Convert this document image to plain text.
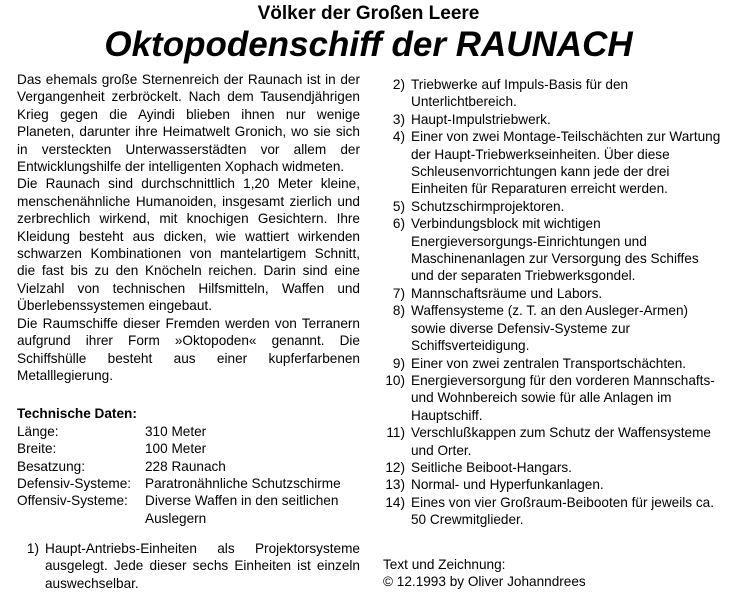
Völker der Großen Leere
Oktopodenschiff der RAUNACH

Das ehemals große Sternenreich der Raunach ist in der Vergangenheit zerbröckelt. Nach dem Tausendjährigen Krieg gegen die Ayindi blieben ihnen nur wenige Planeten, darunter ihre Heimatwelt Gronich, wo sie sich in versteckten Unterwasserstädten vor allem der Entwicklungshilfe der intelligenten Xophach widmeten.

Die Raunach sind durchschnittlich 1,20 Meter kleine, menschenähnliche Humanoiden, insgesamt zierlich und zerbrechlich wirkend, mit knochigen Gesichtern. Ihre Kleidung besteht aus dicken, wie wattiert wirkenden schwarzen Kombinationen von mantelartigem Schnitt, die fast bis zu den Knöcheln reichen. Darin sind eine Vielzahl von technischen Hilfsmitteln, Waffen und Überlebenssystemen eingebaut.

Die Raumschiffe dieser Fremden werden von Terranern aufgrund ihrer Form »Oktopoden« genannt. Die Schiffshülle besteht aus einer kupferfarbenen Metalllegierung.

Technische Daten:
Länge:	310 Meter
Breite:	100 Meter
Besatzung:	228 Raunach
Defensiv-Systeme:	Paratronähnliche Schutzschirme
Offensiv-Systeme:	Diverse Waffen in den seitlichen Auslegern
1) Haupt-Antriebs-Einheiten als Projektorsysteme ausgelegt. Jede dieser sechs Einheiten ist einzeln auswechselbar.
2) Triebwerke auf Impuls-Basis für den Unterlichtbereich.
3) Haupt-Impulstriebwerk.
4) Einer von zwei Montage-Teilschächten zur Wartung der Haupt-Triebwerkseinheiten. Über diese Schleusenvorrichtungen kann jede der drei Einheiten für Reparaturen erreicht werden.
5) Schutzschirmprojektoren.
6) Verbindungsblock mit wichtigen Energieversorgungs-Einrichtungen und Maschinenanlagen zur Versorgung des Schiffes und der separaten Triebwerksgondel.
7) Mannschaftsräume und Labors.
8) Waffensysteme (z. T. an den Ausleger-Armen) sowie diverse Defensiv-Systeme zur Schiffsverteidigung.
9) Einer von zwei zentralen Transportschächten.
10) Energieversorgung für den vorderen Mannschafts- und Wohnbereich sowie für alle Anlagen im Hauptschiff.
11) Verschlußkappen zum Schutz der Waffensysteme und Orter.
12) Seitliche Beiboot-Hangars.
13) Normal- und Hyperfunkanlagen.
14) Eines von vier Großraum-Beibooten für jeweils ca. 50 Crewmitglieder.
Text und Zeichnung:
© 12.1993 by Oliver Johanndrees
